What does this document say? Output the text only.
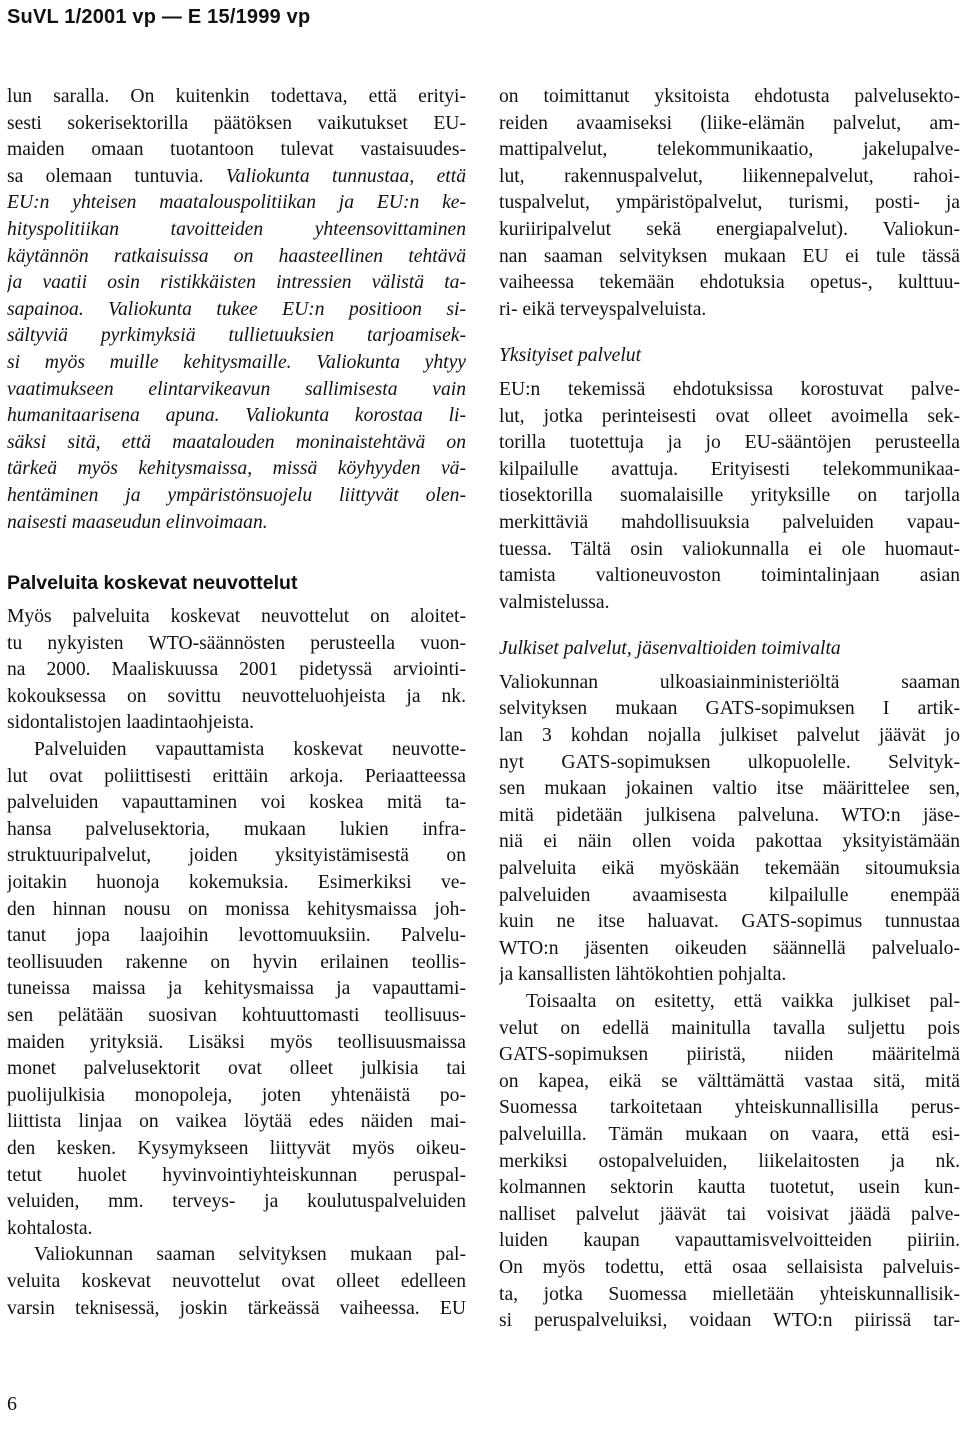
SuVL 1/2001 vp — E 15/1999 vp
lun saralla. On kuitenkin todettava, että erityi-
sesti sokerisektorilla päätöksen vaikutukset EU-
maiden omaan tuotantoon tulevat vastaisuudes-
sa olemaan tuntuvia. Valiokunta tunnustaa, että
EU:n yhteisen maatalouspolitiikan ja EU:n ke-
hityspolitiikan tavoitteiden yhteensovittaminen
käytännön ratkaisuissa on haasteellinen tehtävä
ja vaatii osin ristikkäisten intressien välistä ta-
sapainoa. Valiokunta tukee EU:n positioon si-
sältyviä pyrkimyksiä tullietuuksien tarjoamisek-
si myös muille kehitysmaille. Valiokunta yhtyy
vaatimukseen elintarvikeavun sallimisesta vain
humanitaarisena apuna. Valiokunta korostaa li-
säksi sitä, että maatalouden moninaistehtävä on
tärkeä myös kehitysmaissa, missä köyhyyden vä-
hentäminen ja ympäristönsuojelu liittyvät olen-
naisesti maaseudun elinvoimaan.
Palveluita koskevat neuvottelut
Myös palveluita koskevat neuvottelut on aloitet-
tu nykyisten WTO-säännösten perusteella vuon-
na 2000. Maaliskuussa 2001 pidetyssä arviointi-
kokouksessa on sovittu neuvotteluohjeista ja nk.
sidontalistojen laadintaohjeista.
Palveluiden vapauttamista koskevat neuvotte-
lut ovat poliittisesti erittäin arkoja. Periaatteessa
palveluiden vapauttaminen voi koskea mitä ta-
hansa palvelusektoria, mukaan lukien infra-
struktuuripalvelut, joiden yksityistämisestä on
joitakin huonoja kokemuksia. Esimerkiksi ve-
den hinnan nousu on monissa kehitysmaissa joh-
tanut jopa laajoihin levottomuuksiin. Palvelu-
teollisuuden rakenne on hyvin erilainen teollis-
tuneissa maissa ja kehitysmaissa ja vapauttami-
sen pelätään suosivan kohtuuttomasti teollisuus-
maiden yrityksiä. Lisäksi myös teollisuusmaissa
monet palvelusektorit ovat olleet julkisia tai
puolijulkisia monopoleja, joten yhtenäistä po-
liittista linjaa on vaikea löytää edes näiden mai-
den kesken. Kysymykseen liittyvät myös oikeu-
tetut huolet hyvinvointiyhteiskunnan peruspal-
veluiden, mm. terveys- ja koulutuspalveluiden
kohtalosta.
Valiokunnan saaman selvityksen mukaan pal-
veluita koskevat neuvottelut ovat olleet edelleen
varsin teknisessä, joskin tärkeässä vaiheessa. EU
on toimittanut yksitoista ehdotusta palvelusekto-
reiden avaamiseksi (liike-elämän palvelut, am-
mattipalvelut, telekommunikaatio, jakelupalve-
lut, rakennuspalvelut, liikennepalvelut, rahoi-
tuspalvelut, ympäristöpalvelut, turismi, posti- ja
kuriiripalvelut sekä energiapalvelut). Valiokun-
nan saaman selvityksen mukaan EU ei tule tässä
vaiheessa tekemään ehdotuksia opetus-, kulttuu-
ri- eikä terveyspalveluista.
Yksityiset palvelut
EU:n tekemissä ehdotuksissa korostuvat palve-
lut, jotka perinteisesti ovat olleet avoimella sek-
torilla tuotettuja ja jo EU-sääntöjen perusteella
kilpailulle avattuja. Erityisesti telekommunikaa-
tiosektorilla suomalaisille yrityksille on tarjolla
merkittäviä mahdollisuuksia palveluiden vapau-
tuessa. Tältä osin valiokunnalla ei ole huomaut-
tamista valtioneuvoston toimintalinjaan asian
valmistelussa.
Julkiset palvelut, jäsenvaltioiden toimivalta
Valiokunnan ulkoasiainministeriöltä saaman
selvityksen mukaan GATS-sopimuksen I artik-
lan 3 kohdan nojalla julkiset palvelut jäävät jo
nyt GATS-sopimuksen ulkopuolelle. Selvityk-
sen mukaan jokainen valtio itse määrittelee sen,
mitä pidetään julkisena palveluna. WTO:n jäse-
niä ei näin ollen voida pakottaa yksityistämään
palveluita eikä myöskään tekemään sitoumuksia
palveluiden avaamisesta kilpailulle enempää
kuin ne itse haluavat. GATS-sopimus tunnustaa
WTO:n jäsenten oikeuden säännellä palvelualo-
ja kansallisten lähtökohtien pohjalta.
Toisaalta on esitetty, että vaikka julkiset pal-
velut on edellä mainitulla tavalla suljettu pois
GATS-sopimuksen piiristä, niiden määritelmä
on kapea, eikä se välttämättä vastaa sitä, mitä
Suomessa tarkoitetaan yhteiskunnallisilla perus-
palveluilla. Tämän mukaan on vaara, että esi-
merkiksi ostopalveluiden, liikelaitosten ja nk.
kolmannen sektorin kautta tuotetut, usein kun-
nalliset palvelut jäävät tai voisivat jäädä palve-
luiden kaupan vapauttamisvelvoitteiden piiriin.
On myös todettu, että osaa sellaisista palveluis-
ta, jotka Suomessa mielletään yhteiskunnallisik-
si peruspalveluiksi, voidaan WTO:n piirissä tar-
6
